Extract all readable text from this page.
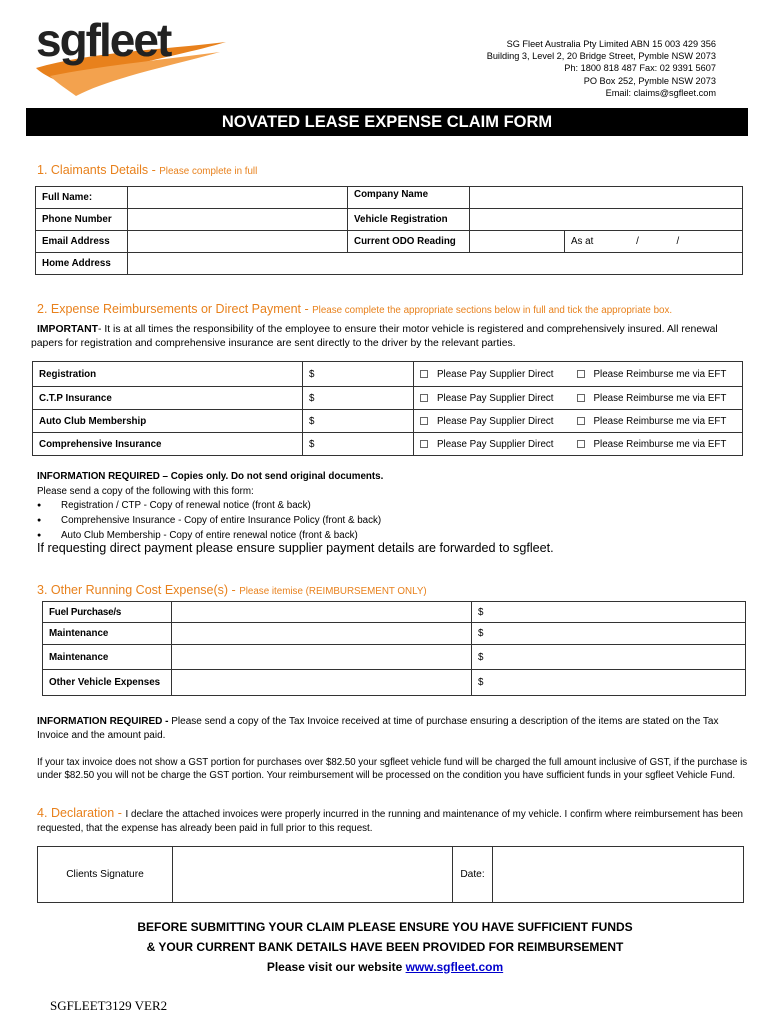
sgfleet	SG Fleet Australia Pty Limited ABN 15 003 429 356
Building 3, Level 2, 20 Bridge Street, Pymble NSW 2073
Ph: 1800 818 487 Fax: 02 9391 5607
PO Box 252, Pymble NSW 2073
Email: claims@sgfleet.com
NOVATED LEASE EXPENSE CLAIM FORM
1. Claimants Details - Please complete in full
Full Name:		Company Name		
Phone Number		Vehicle Registration		
Email Address		Current ODO Reading		As at / /
Home Address				
2. Expense Reimbursements or Direct Payment - Please complete the appropriate sections below in full and tick the appropriate box.
IMPORTANT- It is at all times the responsibility of the employee to ensure their motor vehicle is registered and comprehensively insured. All renewal papers for registration and comprehensive insurance are sent directly to the driver by the relevant parties.
Registration	$	Please Pay Supplier Direct	Please Reimburse me via EFT
C.T.P Insurance	$	Please Pay Supplier Direct	Please Reimburse me via EFT
Auto Club Membership	$	Please Pay Supplier Direct	Please Reimburse me via EFT
Comprehensive Insurance	$	Please Pay Supplier Direct	Please Reimburse me via EFT
INFORMATION REQUIRED – Copies only. Do not send original documents.
Please send a copy of the following with this form:
● Registration / CTP - Copy of renewal notice (front & back)
● Comprehensive Insurance - Copy of entire Insurance Policy (front & back)
● Auto Club Membership - Copy of entire renewal notice (front & back)
If requesting direct payment please ensure supplier payment details are forwarded to sgfleet.
3. Other Running Cost Expense(s) - Please itemise (REIMBURSEMENT ONLY)
Fuel Purchase/s		$
Maintenance		$
Maintenance		$
Other Vehicle Expenses		$
INFORMATION REQUIRED - Please send a copy of the Tax Invoice received at time of purchase ensuring a description of the items are stated on the Tax Invoice and the amount paid.
If your tax invoice does not show a GST portion for purchases over $82.50 your sgfleet vehicle fund will be charged the full amount inclusive of GST, if the purchase is under $82.50 you will not be charge the GST portion. Your reimbursement will be processed on the condition you have sufficient funds in your sgfleet Vehicle Fund.
4. Declaration - I declare the attached invoices were properly incurred in the running and maintenance of my vehicle. I confirm where reimbursement has been requested, that the expense has already been paid in full prior to this request.
Clients Signature		Date:	
BEFORE SUBMITTING YOUR CLAIM PLEASE ENSURE YOU HAVE SUFFICIENT FUNDS
& YOUR CURRENT BANK DETAILS HAVE BEEN PROVIDED FOR REIMBURSEMENT
Please visit our website www.sgfleet.com
SGFLEET3129 VER2
